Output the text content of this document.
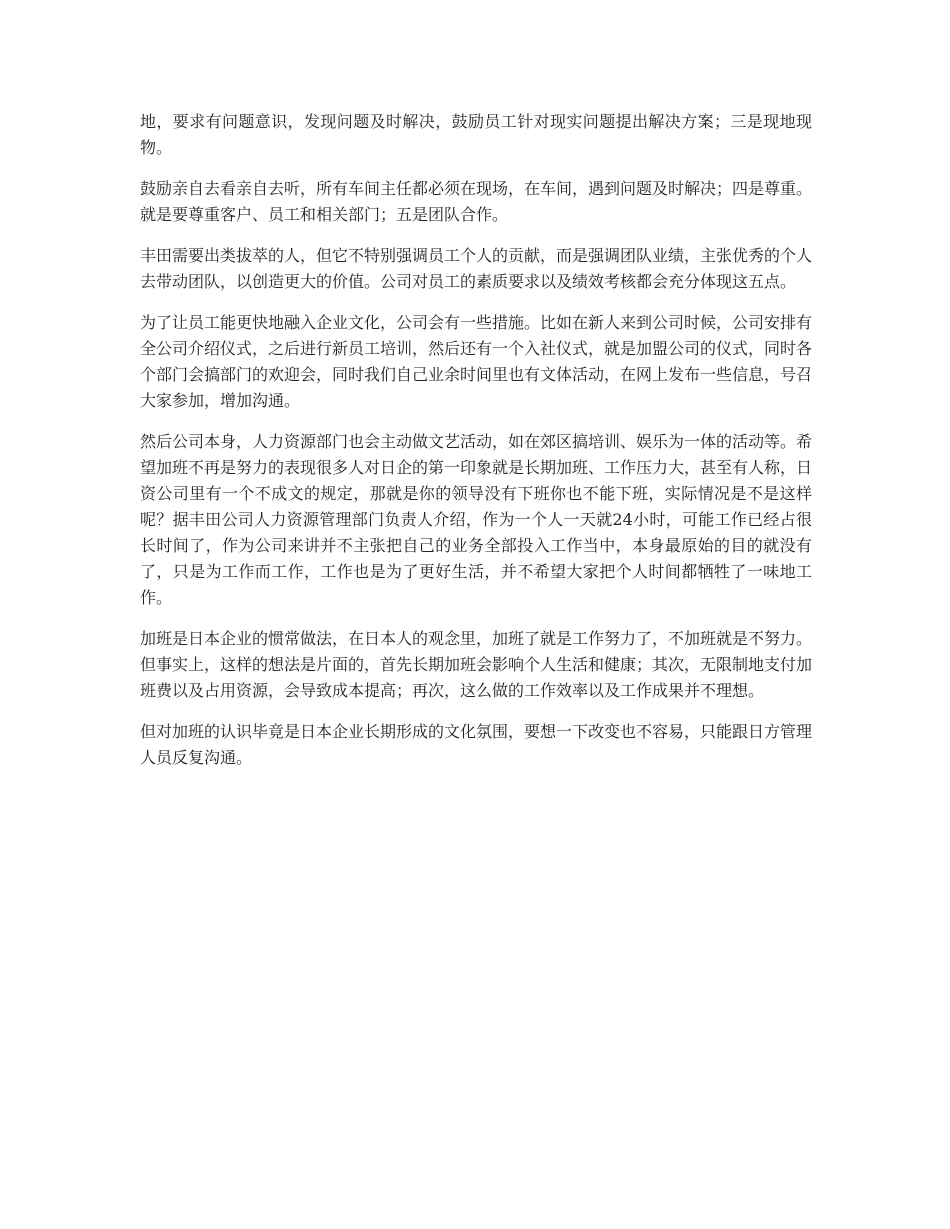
地，要求有问题意识，发现问题及时解决，鼓励员工针对现实问题提出解决方案；三是现地现物。

鼓励亲自去看亲自去听，所有车间主任都必须在现场，在车间，遇到问题及时解决；四是尊重。就是要尊重客户、员工和相关部门；五是团队合作。

丰田需要出类拔萃的人，但它不特别强调员工个人的贡献，而是强调团队业绩，主张优秀的个人去带动团队，以创造更大的价值。公司对员工的素质要求以及绩效考核都会充分体现这五点。

为了让员工能更快地融入企业文化，公司会有一些措施。比如在新人来到公司时候，公司安排有全公司介绍仪式，之后进行新员工培训，然后还有一个入社仪式，就是加盟公司的仪式，同时各个部门会搞部门的欢迎会，同时我们自己业余时间里也有文体活动，在网上发布一些信息，号召大家参加，增加沟通。

然后公司本身，人力资源部门也会主动做文艺活动，如在郊区搞培训、娱乐为一体的活动等。希望加班不再是努力的表现很多人对日企的第一印象就是长期加班、工作压力大，甚至有人称，日资公司里有一个不成文的规定，那就是你的领导没有下班你也不能下班，实际情况是不是这样呢？据丰田公司人力资源管理部门负责人介绍，作为一个人一天就24小时，可能工作已经占很长时间了，作为公司来讲并不主张把自己的业务全部投入工作当中，本身最原始的目的就没有了，只是为工作而工作，工作也是为了更好生活，并不希望大家把个人时间都牺牲了一味地工作。

加班是日本企业的惯常做法，在日本人的观念里，加班了就是工作努力了，不加班就是不努力。但事实上，这样的想法是片面的，首先长期加班会影响个人生活和健康；其次，无限制地支付加班费以及占用资源，会导致成本提高；再次，这么做的工作效率以及工作成果并不理想。

但对加班的认识毕竟是日本企业长期形成的文化氛围，要想一下改变也不容易，只能跟日方管理人员反复沟通。
